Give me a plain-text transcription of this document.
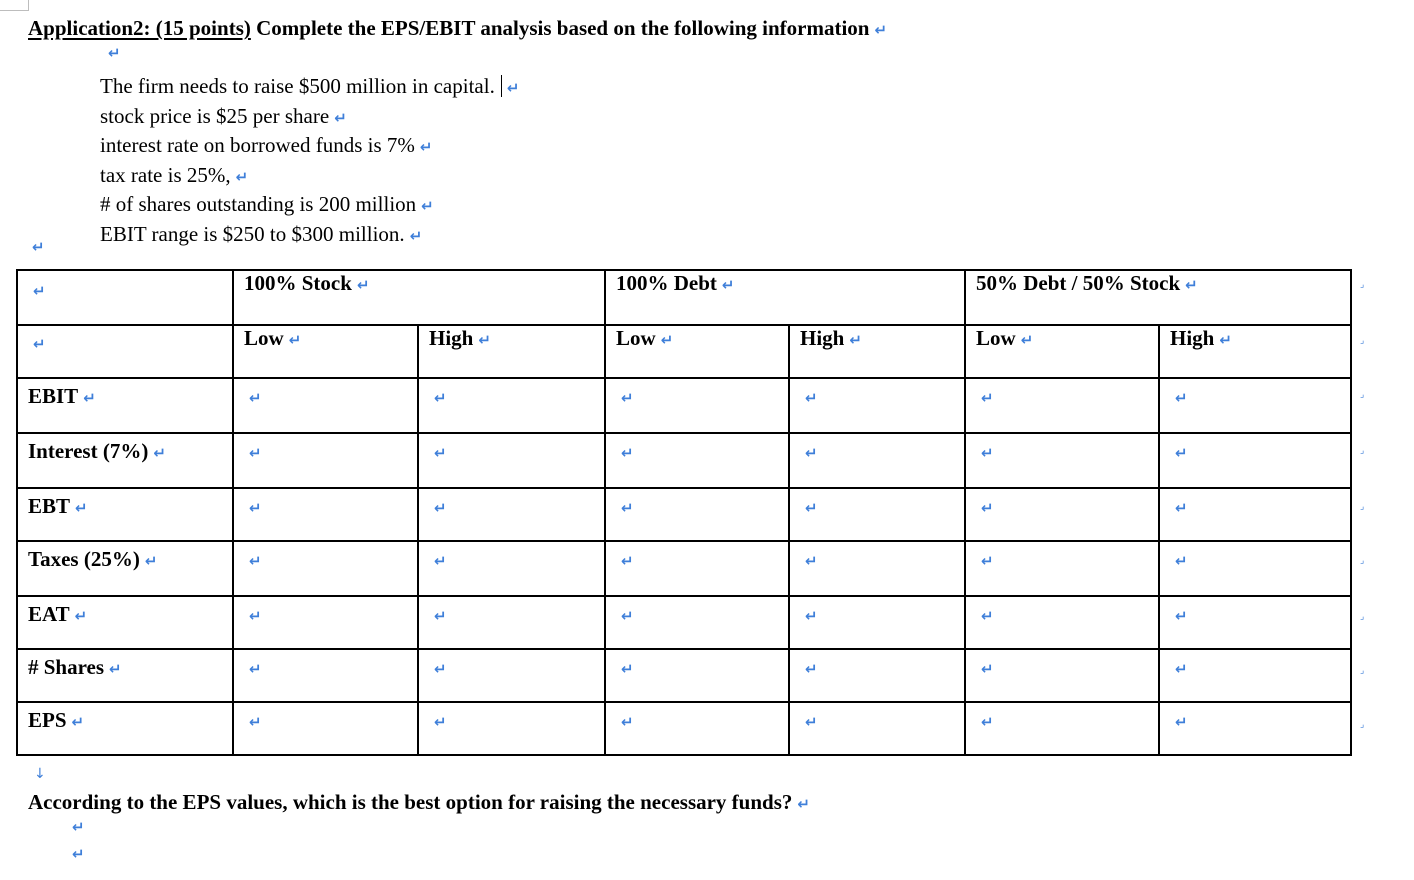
Application2: (15 points) Complete the EPS/EBIT analysis based on the following information ↵
↵
The firm needs to raise $500 million in capital. ↵
stock price is $25 per share ↵
interest rate on borrowed funds is 7% ↵
tax rate is 25%, ↵
# of shares outstanding is 200 million ↵
EBIT range is $250 to $300 million. ↵
↵
↵	100% Stock ↵		100% Debt ↵		50% Debt / 50% Stock ↵	

↵	Low ↵	High ↵	Low ↵	High ↵	Low ↵	High ↵

EBIT ↵	↵	↵	↵	↵	↵	↵

Interest (7%) ↵	↵	↵	↵	↵	↵	↵

EBT ↵	↵	↵	↵	↵	↵	↵

Taxes (25%) ↵	↵	↵	↵	↵	↵	↵

EAT ↵	↵	↵	↵	↵	↵	↵

# Shares ↵	↵	↵	↵	↵	↵	↵

EPS ↵	↵	↵	↵	↵	↵	↵
⌟
⌟
⌟
⌟
⌟
⌟
⌟
⌟
⌟
↓
According to the EPS values, which is the best option for raising the necessary funds? ↵
↵
↵
